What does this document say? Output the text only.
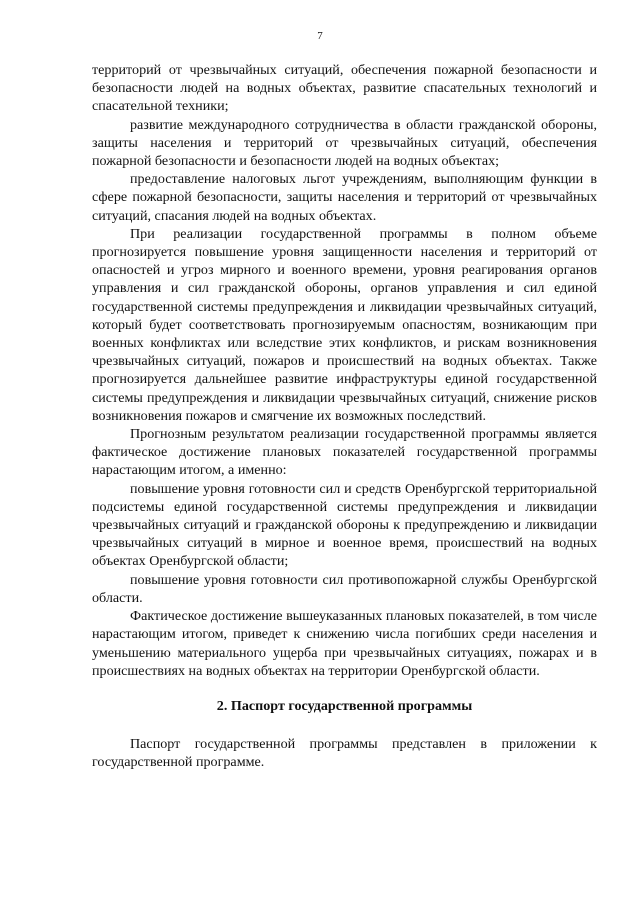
7

территорий от чрезвычайных ситуаций, обеспечения пожарной безопасности и безопасности людей на водных объектах, развитие спасательных технологий и спасательной техники;

развитие международного сотрудничества в области гражданской обороны, защиты населения и территорий от чрезвычайных ситуаций, обеспечения пожарной безопасности и безопасности людей на водных объектах;

предоставление налоговых льгот учреждениям, выполняющим функции в сфере пожарной безопасности, защиты населения и территорий от чрезвычайных ситуаций, спасания людей на водных объектах.

При реализации государственной программы в полном объеме прогнозируется повышение уровня защищенности населения и территорий от опасностей и угроз мирного и военного времени, уровня реагирования органов управления и сил гражданской обороны, органов управления и сил единой государственной системы предупреждения и ликвидации чрезвычайных ситуаций, который будет соответствовать прогнозируемым опасностям, возникающим при военных конфликтах или вследствие этих конфликтов, и рискам возникновения чрезвычайных ситуаций, пожаров и происшествий на водных объектах. Также прогнозируется дальнейшее развитие инфраструктуры единой государственной системы предупреждения и ликвидации чрезвычайных ситуаций, снижение рисков возникновения пожаров и смягчение их возможных последствий.

Прогнозным результатом реализации государственной программы является фактическое достижение плановых показателей государственной программы нарастающим итогом, а именно:

повышение уровня готовности сил и средств Оренбургской территориальной подсистемы единой государственной системы предупреждения и ликвидации чрезвычайных ситуаций и гражданской обороны к предупреждению и ликвидации чрезвычайных ситуаций в мирное и военное время, происшествий на водных объектах Оренбургской области;

повышение уровня готовности сил противопожарной службы Оренбургской области.

Фактическое достижение вышеуказанных плановых показателей, в том числе нарастающим итогом, приведет к снижению числа погибших среди населения и уменьшению материального ущерба при чрезвычайных ситуациях, пожарах и в происшествиях на водных объектах на территории Оренбургской области.

2. Паспорт государственной программы

Паспорт государственной программы представлен в приложении к государственной программе.
